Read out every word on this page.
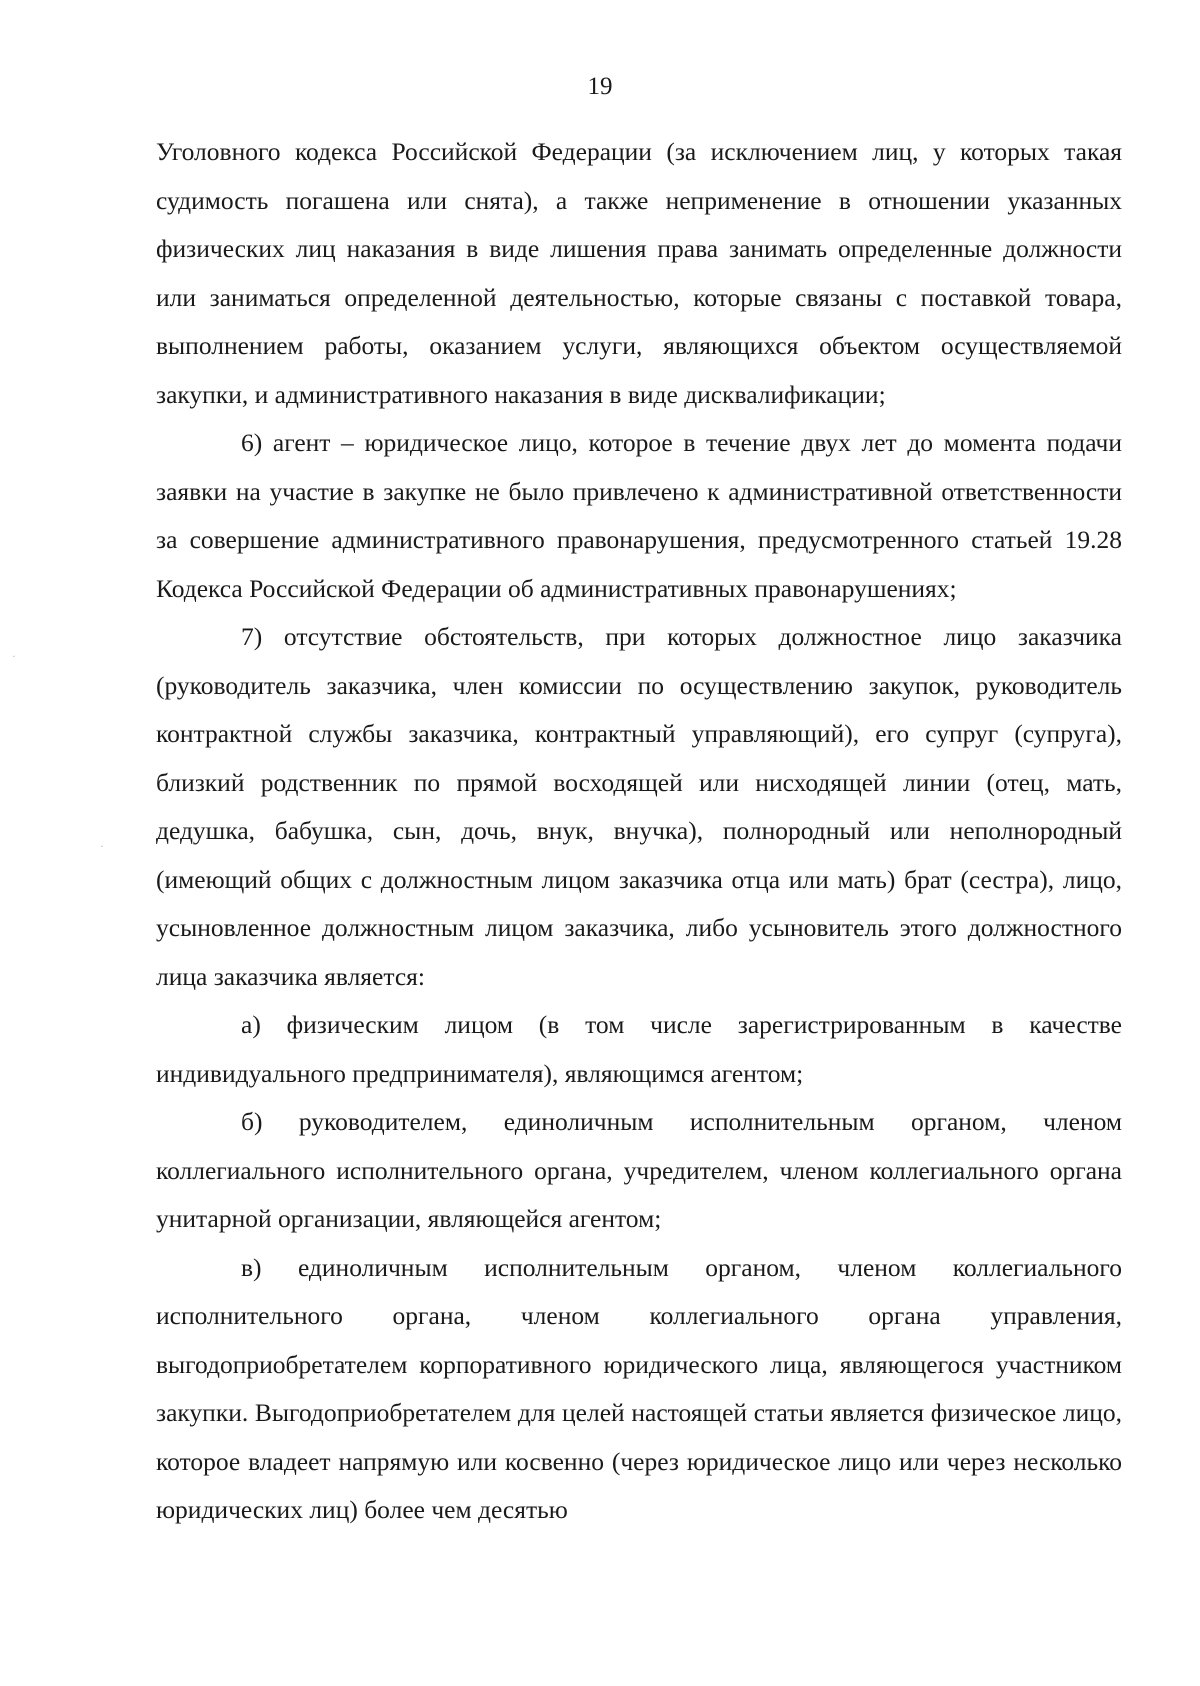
19

Уголовного кодекса Российской Федерации (за исключением лиц, у которых такая судимость погашена или снята), а также неприменение в отношении указанных физических лиц наказания в виде лишения права занимать определенные должности или заниматься определенной деятельностью, которые связаны с поставкой товара, выполнением работы, оказанием услуги, являющихся объектом осуществляемой закупки, и административного наказания в виде дисквалификации;

6) агент – юридическое лицо, которое в течение двух лет до момента подачи заявки на участие в закупке не было привлечено к административной ответственности за совершение административного правонарушения, предусмотренного статьей 19.28 Кодекса Российской Федерации об административных правонарушениях;

7) отсутствие обстоятельств, при которых должностное лицо заказчика (руководитель заказчика, член комиссии по осуществлению закупок, руководитель контрактной службы заказчика, контрактный управляющий), его супруг (супруга), близкий родственник по прямой восходящей или нисходящей линии (отец, мать, дедушка, бабушка, сын, дочь, внук, внучка), полнородный или неполнородный (имеющий общих с должностным лицом заказчика отца или мать) брат (сестра), лицо, усыновленное должностным лицом заказчика, либо усыновитель этого должностного лица заказчика является:

а) физическим лицом (в том числе зарегистрированным в качестве индивидуального предпринимателя), являющимся агентом;

б) руководителем, единоличным исполнительным органом, членом коллегиального исполнительного органа, учредителем, членом коллегиального органа унитарной организации, являющейся агентом;

в) единоличным исполнительным органом, членом коллегиального исполнительного органа, членом коллегиального органа управления, выгодоприобретателем корпоративного юридического лица, являющегося участником закупки. Выгодоприобретателем для целей настоящей статьи является физическое лицо, которое владеет напрямую или косвенно (через юридическое лицо или через несколько юридических лиц) более чем десятью

·
·
